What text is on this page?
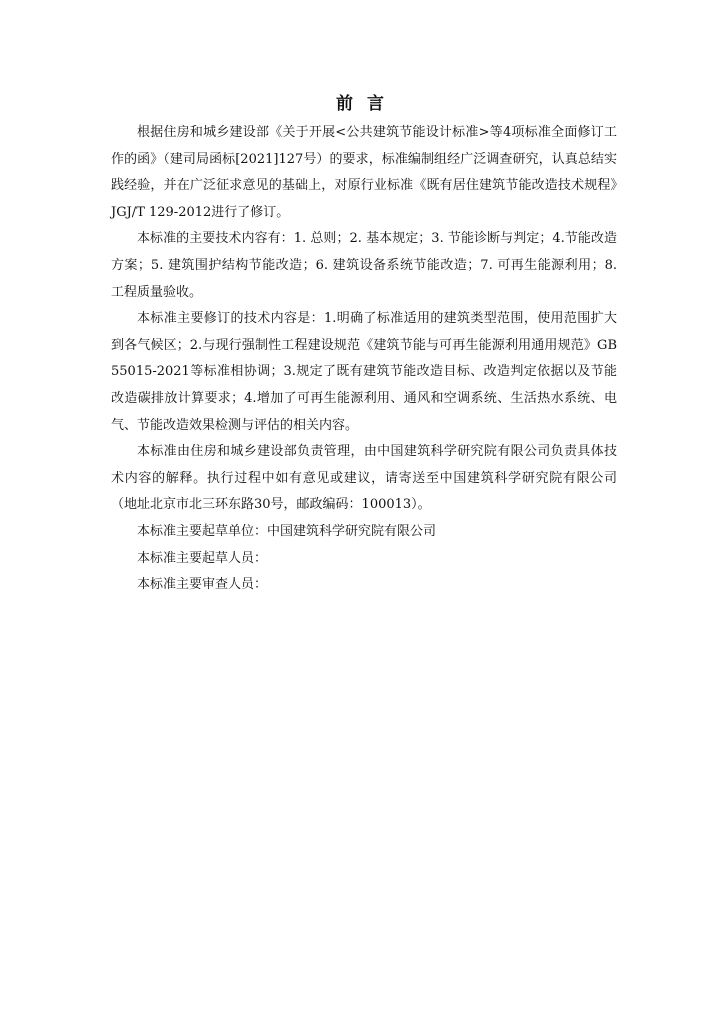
前 言

根据住房和城乡建设部《关于开展<公共建筑节能设计标准>等4项标准全面修订工作的函》（建司局函标[2021]127号）的要求，标准编制组经广泛调查研究，认真总结实践经验，并在广泛征求意见的基础上，对原行业标准《既有居住建筑节能改造技术规程》JGJ/T 129-2012进行了修订。

本标准的主要技术内容有：1. 总则；2. 基本规定；3. 节能诊断与判定；4.节能改造方案；5. 建筑围护结构节能改造；6. 建筑设备系统节能改造；7. 可再生能源利用；8. 工程质量验收。

本标准主要修订的技术内容是：1.明确了标准适用的建筑类型范围，使用范围扩大到各气候区；2.与现行强制性工程建设规范《建筑节能与可再生能源利用通用规范》GB 55015-2021等标准相协调；3.规定了既有建筑节能改造目标、改造判定依据以及节能改造碳排放计算要求；4.增加了可再生能源利用、通风和空调系统、生活热水系统、电气、节能改造效果检测与评估的相关内容。

本标准由住房和城乡建设部负责管理，由中国建筑科学研究院有限公司负责具体技术内容的解释。执行过程中如有意见或建议，请寄送至中国建筑科学研究院有限公司（地址北京市北三环东路30号，邮政编码：100013）。

本标准主要起草单位：中国建筑科学研究院有限公司

本标准主要起草人员：

本标准主要审查人员：
